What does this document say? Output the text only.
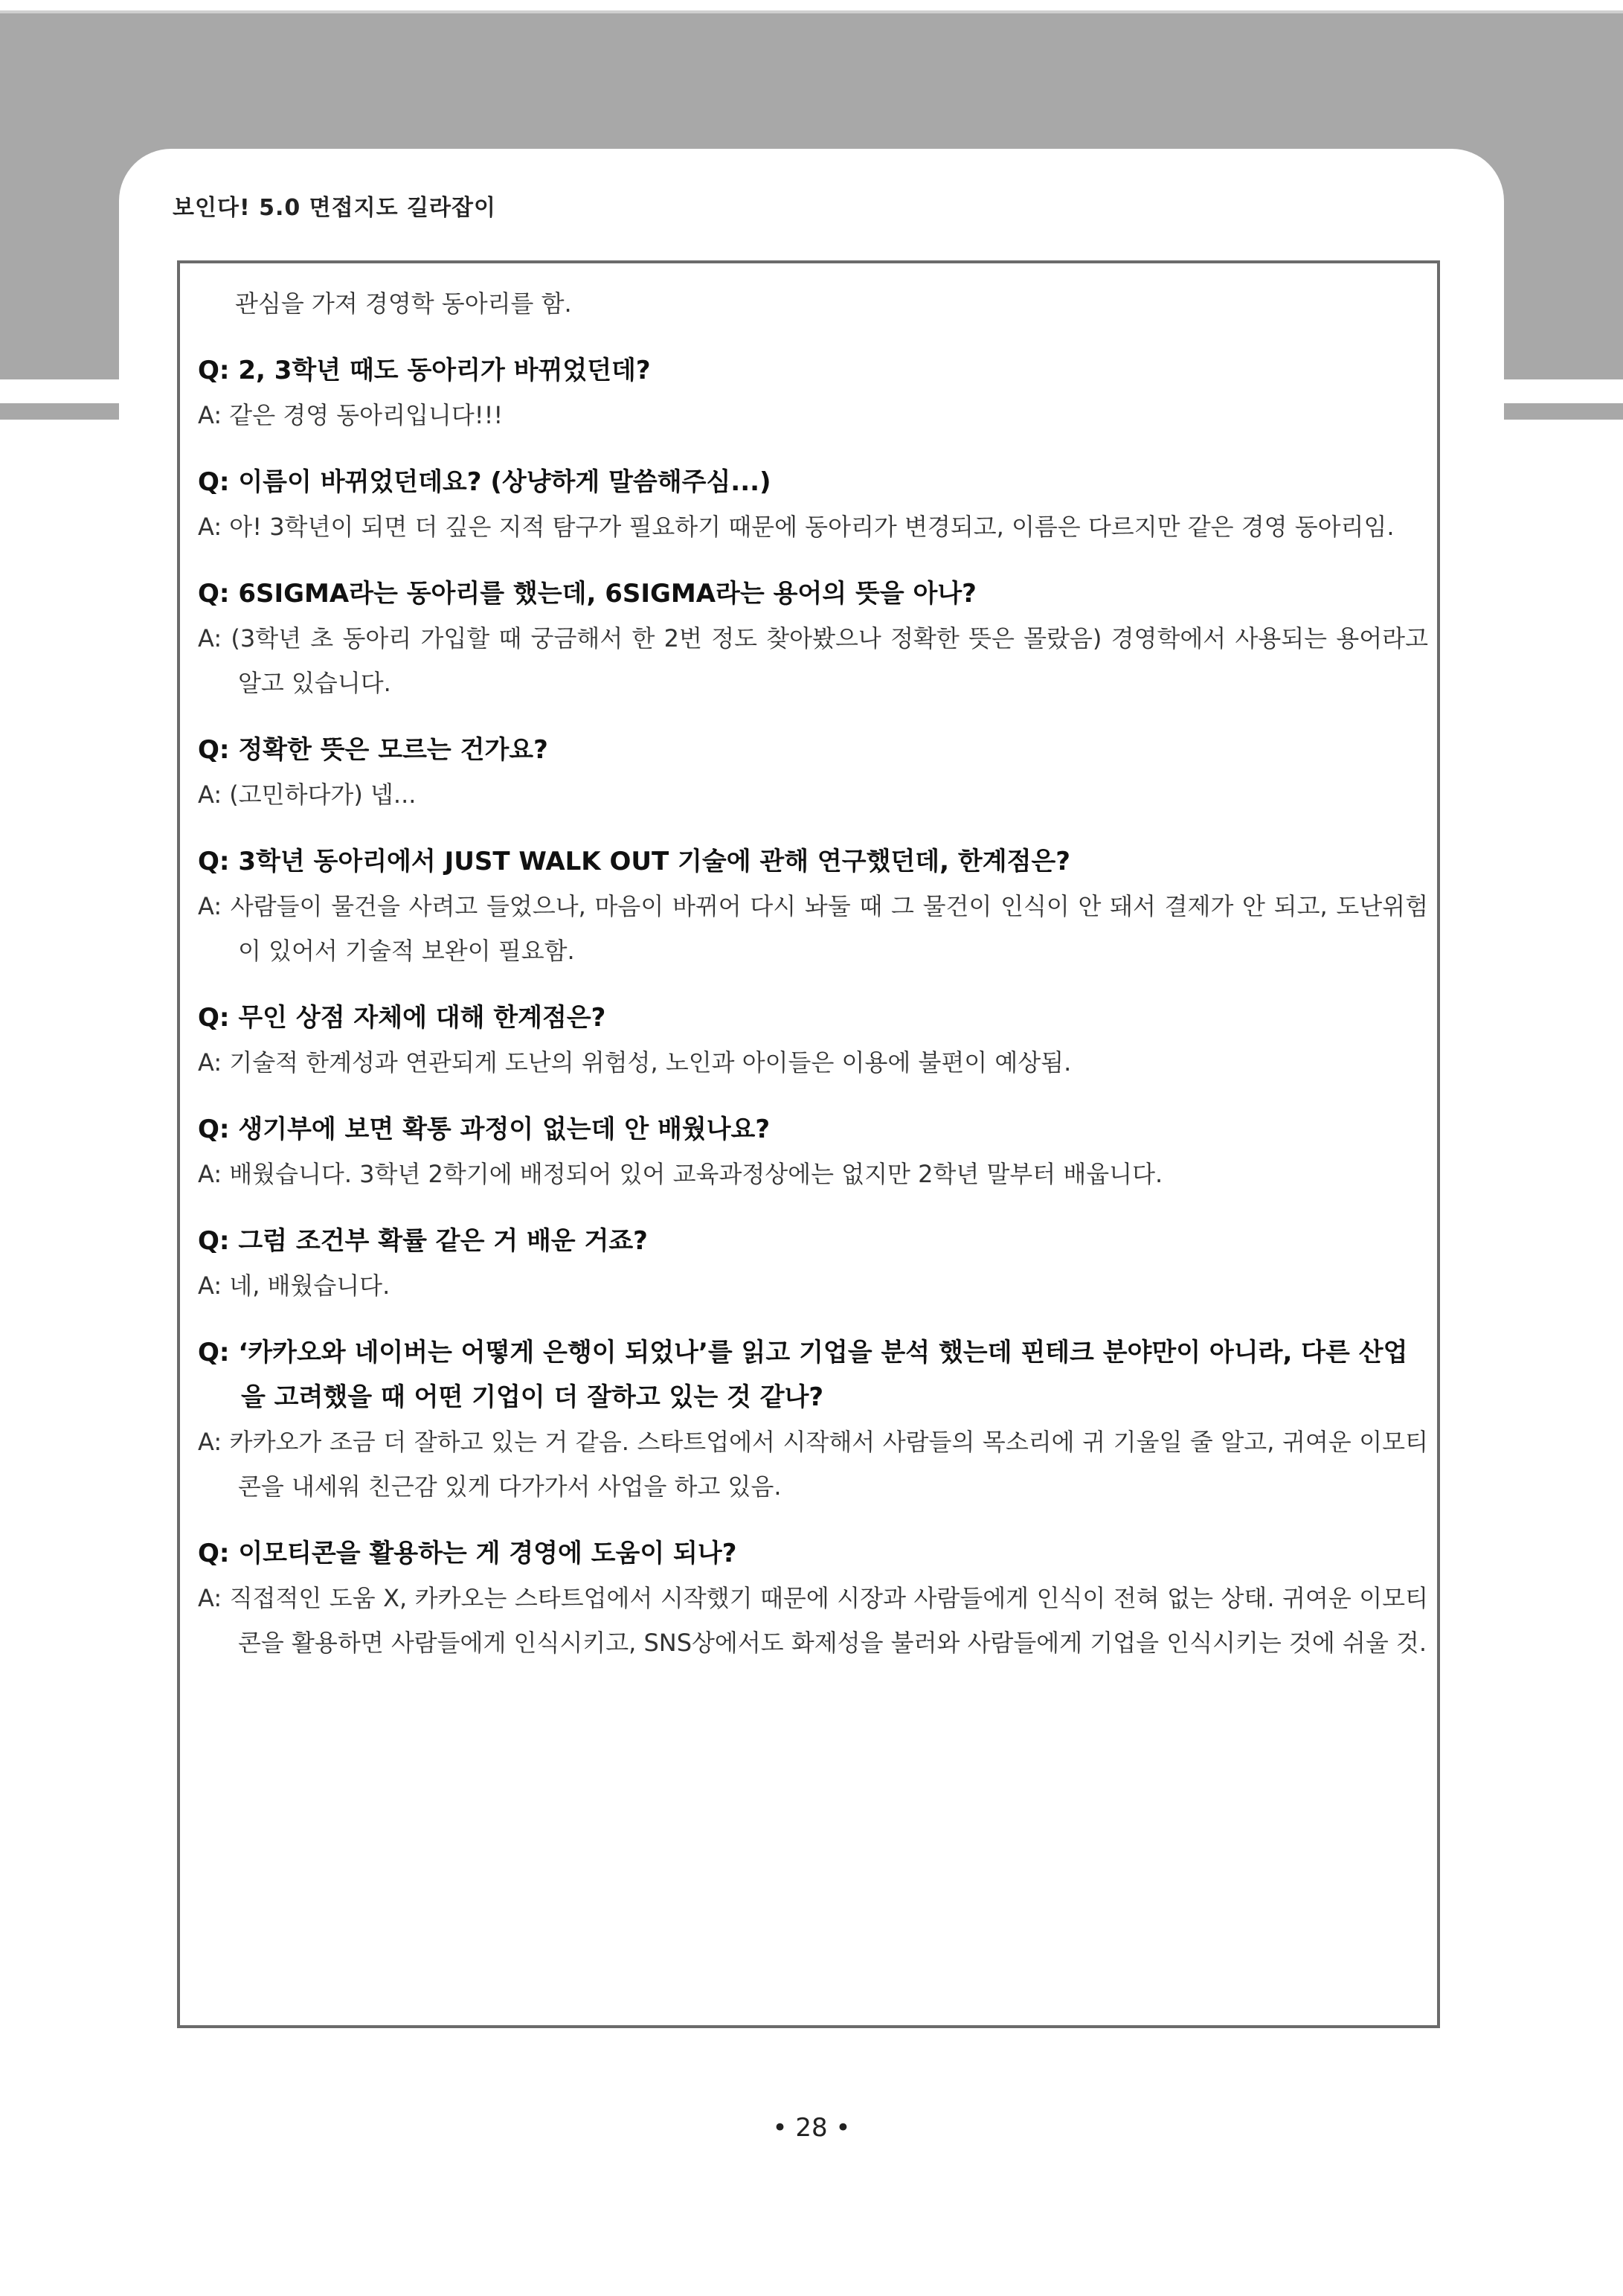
보인다! 5.0 면접지도 길라잡이
관심을 가져 경영학 동아리를 함.
Q: 2, 3학년 때도 동아리가 바뀌었던데?
A: 같은 경영 동아리입니다!!!
Q: 이름이 바뀌었던데요? (상냥하게 말씀해주심...)
A: 아! 3학년이 되면 더 깊은 지적 탐구가 필요하기 때문에 동아리가 변경되고, 이름은 다르지만 같은 경영 동아리임.
Q: 6SIGMA라는 동아리를 했는데, 6SIGMA라는 용어의 뜻을 아나?
A: (3학년 초 동아리 가입할 때 궁금해서 한 2번 정도 찾아봤으나 정확한 뜻은 몰랐음) 경영학에서 사용되는 용어라고 알고 있습니다.
Q: 정확한 뜻은 모르는 건가요?
A: (고민하다가) 넵...
Q: 3학년 동아리에서 JUST WALK OUT 기술에 관해 연구했던데, 한계점은?
A: 사람들이 물건을 사려고 들었으나, 마음이 바뀌어 다시 놔둘 때 그 물건이 인식이 안 돼서 결제가 안 되고, 도난위험이 있어서 기술적 보완이 필요함.
Q: 무인 상점 자체에 대해 한계점은?
A: 기술적 한계성과 연관되게 도난의 위험성, 노인과 아이들은 이용에 불편이 예상됨.
Q: 생기부에 보면 확통 과정이 없는데 안 배웠나요?
A: 배웠습니다. 3학년 2학기에 배정되어 있어 교육과정상에는 없지만 2학년 말부터 배웁니다.
Q: 그럼 조건부 확률 같은 거 배운 거죠?
A: 네, 배웠습니다.
Q: ‘카카오와 네이버는 어떻게 은행이 되었나’를 읽고 기업을 분석 했는데 핀테크 분야만이 아니라, 다른 산업을 고려했을 때 어떤 기업이 더 잘하고 있는 것 같나?
A: 카카오가 조금 더 잘하고 있는 거 같음. 스타트업에서 시작해서 사람들의 목소리에 귀 기울일 줄 알고, 귀여운 이모티콘을 내세워 친근감 있게 다가가서 사업을 하고 있음.
Q: 이모티콘을 활용하는 게 경영에 도움이 되나?
A: 직접적인 도움 X, 카카오는 스타트업에서 시작했기 때문에 시장과 사람들에게 인식이 전혀 없는 상태. 귀여운 이모티콘을 활용하면 사람들에게 인식시키고, SNS상에서도 화제성을 불러와 사람들에게 기업을 인식시키는 것에 쉬울 것.
• 28 •
